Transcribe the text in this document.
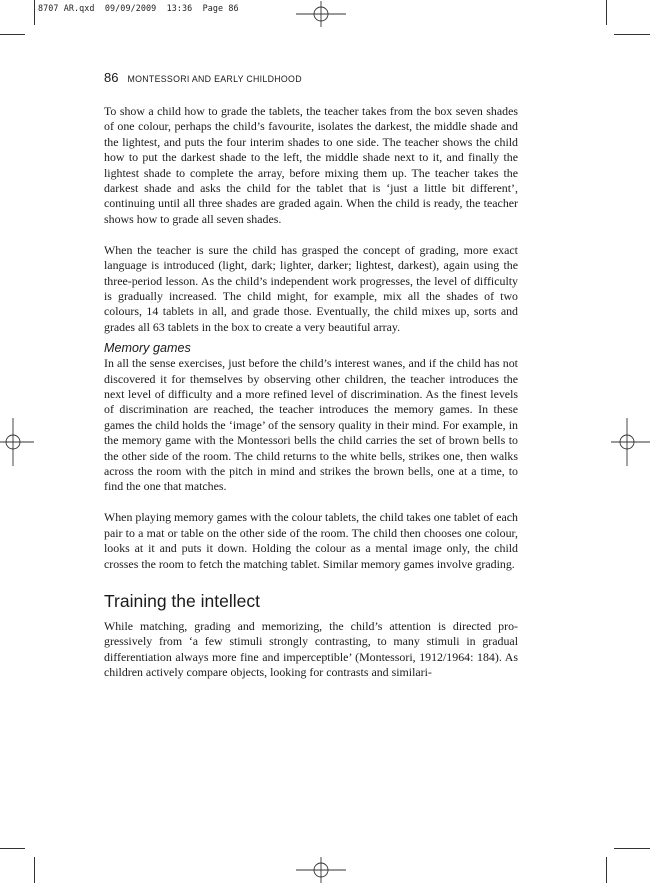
8707 AR.qxd 09/09/2009 13:36 Page 86
86 MONTESSORI AND EARLY CHILDHOOD

To show a child how to grade the tablets, the teacher takes from the box seven shades of one colour, perhaps the child’s favourite, isolates the darkest, the middle shade and the lightest, and puts the four interim shades to one side. The teacher shows the child how to put the darkest shade to the left, the middle shade next to it, and finally the lightest shade to complete the array, before mixing them up. The teacher takes the darkest shade and asks the child for the tablet that is ‘just a little bit different’, continuing until all three shades are graded again. When the child is ready, the teacher shows how to grade all seven shades.

When the teacher is sure the child has grasped the concept of grading, more exact language is introduced (light, dark; lighter, darker; lightest, darkest), again using the three-period lesson. As the child’s independent work progresses, the level of difficulty is gradually increased. The child might, for example, mix all the shades of two colours, 14 tablets in all, and grade those. Eventually, the child mixes up, sorts and grades all 63 tablets in the box to create a very beautiful array.

Memory games

In all the sense exercises, just before the child’s interest wanes, and if the child has not discovered it for themselves by observing other children, the teacher introduces the next level of difficulty and a more refined level of discrimination. As the finest levels of discrimination are reached, the teacher introduces the memory games. In these games the child holds the ‘image’ of the sensory quality in their mind. For example, in the memory game with the Montessori bells the child carries the set of brown bells to the other side of the room. The child returns to the white bells, strikes one, then walks across the room with the pitch in mind and strikes the brown bells, one at a time, to find the one that matches.

When playing memory games with the colour tablets, the child takes one tablet of each pair to a mat or table on the other side of the room. The child then chooses one colour, looks at it and puts it down. Holding the colour as a mental image only, the child crosses the room to fetch the matching tablet. Similar memory games involve grading.

Training the intellect

While matching, grading and memorizing, the child’s attention is directed progressively from ‘a few stimuli strongly contrasting, to many stimuli in gradual differentiation always more fine and imperceptible’ (Montessori, 1912/1964: 184). As children actively compare objects, looking for contrasts and similari-
